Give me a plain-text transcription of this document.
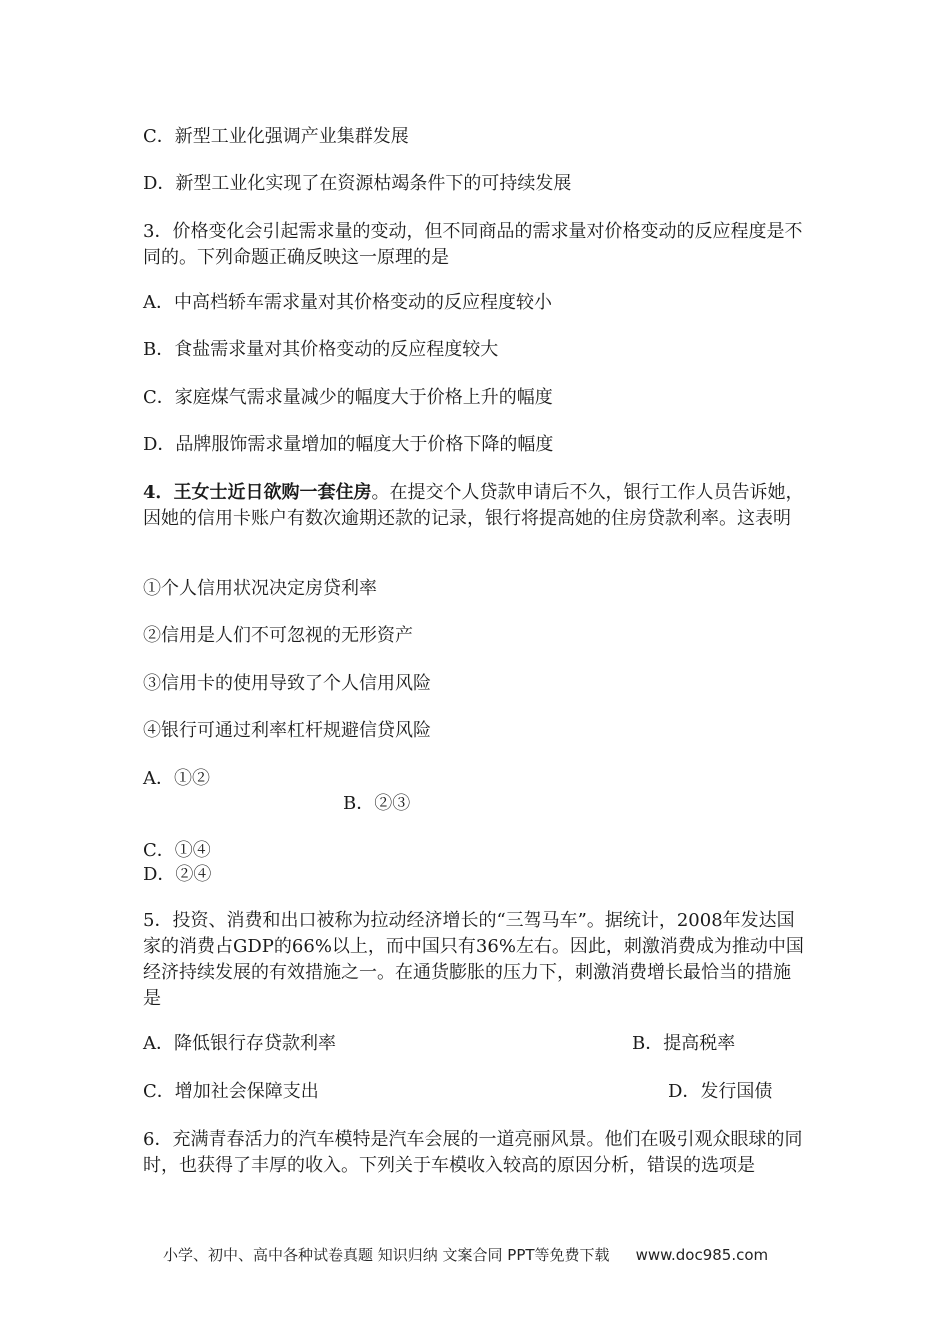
C．新型工业化强调产业集群发展
D．新型工业化实现了在资源枯竭条件下的可持续发展
3．价格变化会引起需求量的变动，但不同商品的需求量对价格变动的反应程度是不同的。下列命题正确反映这一原理的是
A．中高档轿车需求量对其价格变动的反应程度较小
B．食盐需求量对其价格变动的反应程度较大
C．家庭煤气需求量减少的幅度大于价格上升的幅度
D．品牌服饰需求量增加的幅度大于价格下降的幅度
4．王女士近日欲购一套住房。在提交个人贷款申请后不久，银行工作人员告诉她，因她的信用卡账户有数次逾期还款的记录，银行将提高她的住房贷款利率。这表明
①个人信用状况决定房贷利率
②信用是人们不可忽视的无形资产
③信用卡的使用导致了个人信用风险
④银行可通过利率杠杆规避信贷风险
A．①②
B．②③
C．①④
D．②④
5．投资、消费和出口被称为拉动经济增长的“三驾马车”。据统计，2008年发达国家的消费占GDP的66%以上，而中国只有36%左右。因此，刺激消费成为推动中国经济持续发展的有效措施之一。在通货膨胀的压力下，刺激消费增长最恰当的措施是
A．降低银行存贷款利率	B．提高税率
C．增加社会保障支出	D．发行国债
6．充满青春活力的汽车模特是汽车会展的一道亮丽风景。他们在吸引观众眼球的同时，也获得了丰厚的收入。下列关于车模收入较高的原因分析，错误的选项是
小学、初中、高中各种试卷真题 知识归纳 文案合同 PPT等免费下载 www.doc985.com
